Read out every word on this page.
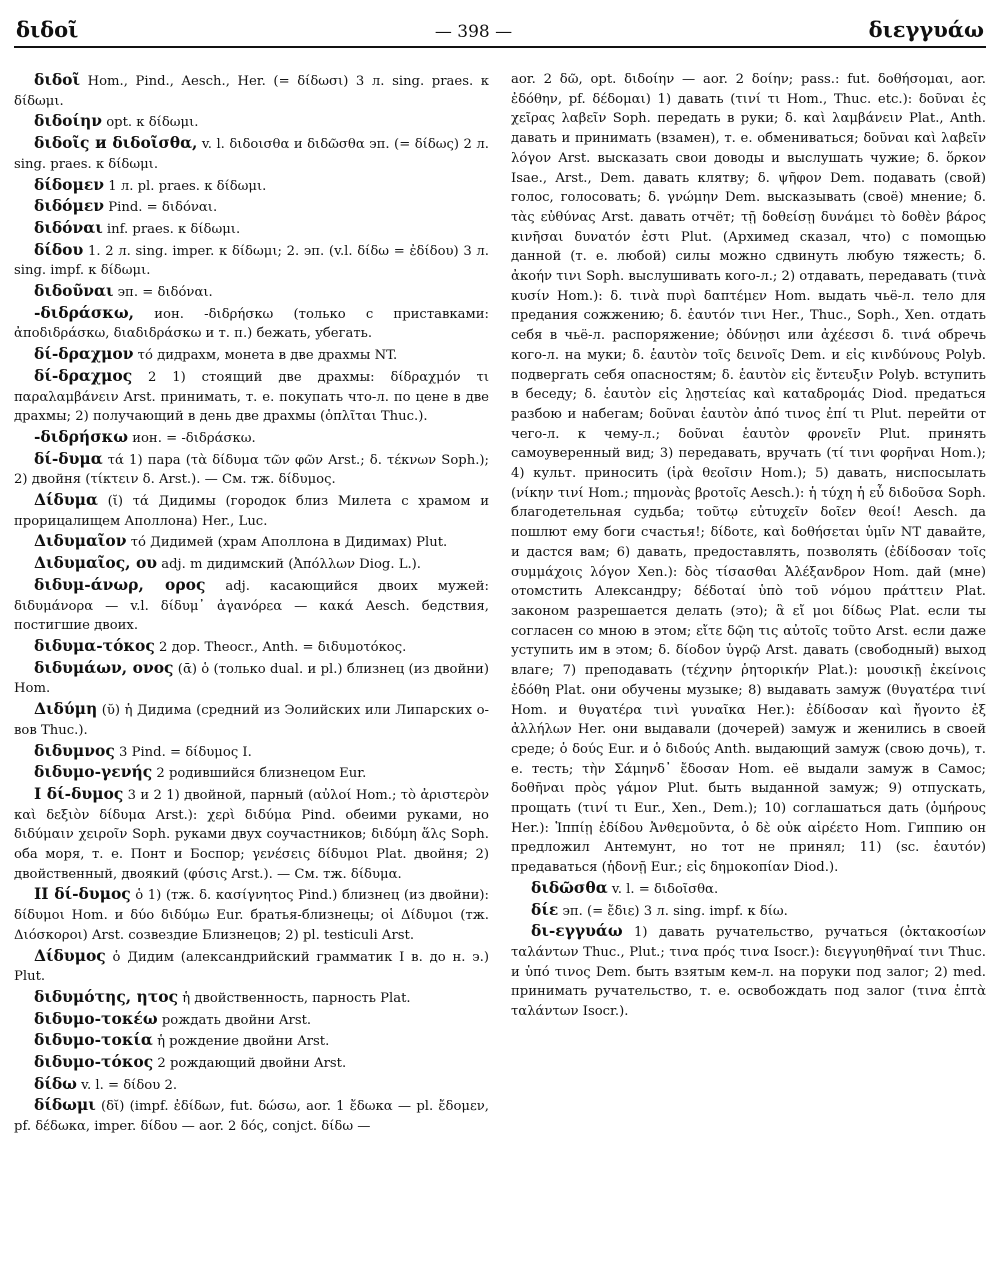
διδοῖ	— 398 —	διεγγυάω

διδοῖ Hom., Pind., Aesch., Her. (= δίδωσι) 3 л. sing. praes. к δίδωμι.

διδοίην opt. к δίδωμι.

διδοῖς и διδοῖσθα, v. l. διδοισθα и διδῶσθα эп. (= δίδως) 2 л. sing. praes. к δίδωμι.

δίδομεν 1 л. pl. praes. к δίδωμι.

διδόμεν Pind. = διδόναι.

διδόναι inf. praes. к δίδωμι.

δίδου 1. 2 л. sing. imper. к δίδωμι; 2. эп. (v.l. δίδω = ἐδίδου) 3 л. sing. impf. к δίδωμι.

διδοῦναι эп. = διδόναι.

-διδράσκω, ион. -διδρήσκω (только с приставками: ἀποδιδράσκω, διαδιδράσκω и т. п.) бежать, убегать.

δί-δραχμον τό дидрахм, монета в две драхмы NT.

δί-δραχμος 2 1) стоящий две драхмы: δίδραχμόν τι παραλαμβάνειν Arst. принимать, т. е. покупать что-л. по цене в две драхмы; 2) получающий в день две драхмы (ὁπλῖται Thuc.).

-διδρήσκω ион. = -διδράσκω.

δί-δυμα τά 1) пара (τὰ δίδυμα τῶν φῶν Arst.; δ. τέκνων Soph.); 2) двойня (τίκτειν δ. Arst.). — См. тж. δίδυμος.

Δίδυμα (ῐ) τά Дидимы (городок близ Милета с храмом и прорицалищем Аполлона) Her., Luc.

Διδυμαῖον τό Дидимей (храм Аполлона в Дидимах) Plut.

Διδυμαῖος, ου adj. m дидимский (Ἀπόλλων Diog. L.).

διδυμ-άνωρ, ορος adj. касающийся двоих мужей: διδυμάνορα — v.l. δίδυμ᾽ ἀγανόρεα — κακά Aesch. бедствия, постигшие двоих.

διδυμα-τόκος 2 дор. Theocr., Anth. = διδυμοτόκος.

διδυμάων, ονος (ᾱ) ὁ (только dual. и pl.) близнец (из двойни) Hom.

Διδύμη (ῠ) ἡ Дидима (средний из Эолийских или Липарских о-вов Thuc.).

διδυμνος 3 Pind. = δίδυμος I.

διδυμο-γενής 2 родившийся близнецом Eur.

I δί-δυμος 3 и 2 1) двойной, парный (αὐλοί Hom.; τὸ ἀριστερὸν καὶ δεξιὸν δίδυμα Arst.): χερὶ διδύμα Pind. обеими руками, но διδύμαιν χειροῖν Soph. руками двух соучастников; διδύμη ἅλς Soph. оба моря, т. е. Понт и Боспор; γενέσεις δίδυμοι Plat. двойня; 2) двойственный, двоякий (φύσις Arst.). — См. тж. δίδυμα.

II δί-δυμος ὁ 1) (тж. δ. κασίγνητος Pind.) близнец (из двойни): δίδυμοι Hom. и δύο διδύμω Eur. братья-близнецы; οἱ Δίδυμοι (тж. Διόσκοροι) Arst. созвездие Близнецов; 2) pl. testiculi Arst.

Δίδυμος ὁ Дидим (александрийский грамматик I в. до н. э.) Plut.

διδυμότης, ητος ἡ двойственность, парность Plat.

διδυμο-τοκέω рождать двойни Arst.

διδυμο-τοκία ἡ рождение двойни Arst.

διδυμο-τόκος 2 рождающий двойни Arst.

δίδω v. l. = δίδου 2.

δίδωμι (δῐ) (impf. ἐδίδων, fut. δώσω, aor. 1 ἔδωκα — pl. ἔδομεν, pf. δέδωκα, imper. δίδου — aor. 2 δός, conjct. δίδω —

aor. 2 δῶ, opt. διδοίην — aor. 2 δοίην; pass.: fut. δοθήσομαι, aor. ἐδόθην, pf. δέδομαι) 1) давать (τινί τι Hom., Thuc. etc.): δοῦναι ἐς χεῖρας λαβεῖν Soph. передать в руки; δ. καὶ λαμβάνειν Plat., Anth. давать и принимать (взамен), т. е. обмениваться; δοῦναι καὶ λαβεῖν λόγον Arst. высказать свои доводы и выслушать чужие; δ. ὅρκον Isae., Arst., Dem. давать клятву; δ. ψῆφον Dem. подавать (свой) голос, голосовать; δ. γνώμην Dem. высказывать (своё) мнение; δ. τὰς εὐθύνας Arst. давать отчёт; τῇ δοθείσῃ δυνάμει τὸ δοθὲν βάρος κινῆσαι δυνατόν ἐστι Plut. (Архимед сказал, что) с помощью данной (т. е. любой) силы можно сдвинуть любую тяжесть; δ. ἀκοήν τινι Soph. выслушивать кого-л.; 2) отдавать, передавать (τινὰ κυσίν Hom.): δ. τινὰ πυρὶ δαπτέμεν Hom. выдать чьё-л. тело для предания сожжению; δ. ἑαυτόν τινι Her., Thuc., Soph., Xen. отдать себя в чьё-л. распоряжение; ὀδύνῃσι или ἀχέεσσι δ. τινά обречь кого-л. на муки; δ. ἑαυτὸν τοῖς δεινοῖς Dem. и εἰς κινδύνους Polyb. подвергать себя опасностям; δ. ἑαυτὸν εἰς ἔντευξιν Polyb. вступить в беседу; δ. ἑαυτὸν εἰς λῃστείας καὶ καταδρομάς Diod. предаться разбою и набегам; δοῦναι ἑαυτὸν ἀπό τινος ἐπί τι Plut. перейти от чего-л. к чему-л.; δοῦναι ἑαυτὸν φρονεῖν Plut. принять самоуверенный вид; 3) передавать, вручать (τί τινι φορῆναι Hom.); 4) культ. приносить (ἱρὰ θεοῖσιν Hom.); 5) давать, ниспосылать (νίκην τινί Hom.; πημονὰς βροτοῖς Aesch.): ἡ τύχη ἡ εὖ διδοῦσα Soph. благодетельная судьба; τοῦτῳ εὐτυχεῖν δοῖεν θεοί! Aesch. да пошлют ему боги счастья!; δίδοτε, καὶ δοθήσεται ὑμῖν NT давайте, и дастся вам; 6) давать, предоставлять, позволять (ἐδίδοσαν τοῖς συμμάχοις λόγον Xen.): δὸς τίσασθαι Ἀλέξανδρον Hom. дай (мне) отомстить Александру; δέδοταί ὑπὸ τοῦ νόμου πράττειν Plat. законом разрешается делать (это); ἃ εἴ μοι δίδως Plat. если ты согласен со мною в этом; εἴτε δῷη τις αὐτοῖς τοῦτο Arst. если даже уступить им в этом; δ. δίοδον ὑγρῷ Arst. давать (свободный) выход влаге; 7) преподавать (τέχνην ῥητορικήν Plat.): μουσικῇ ἐκείνοις ἐδόθη Plat. они обучены музыке; 8) выдавать замуж (θυγατέρα τινί Hom. и θυγατέρα τινὶ γυναῖκα Her.): ἐδίδοσαν καὶ ἤγοντο ἐξ ἀλλήλων Her. они выдавали (дочерей) замуж и женились в своей среде; ὁ δούς Eur. и ὁ διδούς Anth. выдающий замуж (свою дочь), т. е. тесть; τὴν Σάμηνδ᾽ ἔδοσαν Hom. её выдали замуж в Самос; δοθῆναι πρὸς γάμον Plut. быть выданной замуж; 9) отпускать, прощать (τινί τι Eur., Xen., Dem.); 10) соглашаться дать (ὁμήρους Her.): Ἱππίῃ ἐδίδου Ἀνθεμοῦντα, ὁ δὲ οὐκ αἱρέετο Hom. Гиппию он предложил Антемунт, но тот не принял; 11) (sc. ἑαυτόν) предаваться (ἡδονῇ Eur.; εἰς δημοκοπίαν Diod.).

διδῶσθα v. l. = διδοῖσθα.

δίε эп. (= ἔδιε) 3 л. sing. impf. к δίω.

δι-εγγυάω 1) давать ручательство, ручаться (ὀκτακοσίων ταλάντων Thuc., Plut.; τινα πρός τινα Isocr.): διεγγυηθῆναί τινι Thuc. и ὑπό τινος Dem. быть взятым кем-л. на поруки под залог; 2) med. принимать ручательство, т. е. освобождать под залог (τινα ἑπτὰ ταλάντων Isocr.).
